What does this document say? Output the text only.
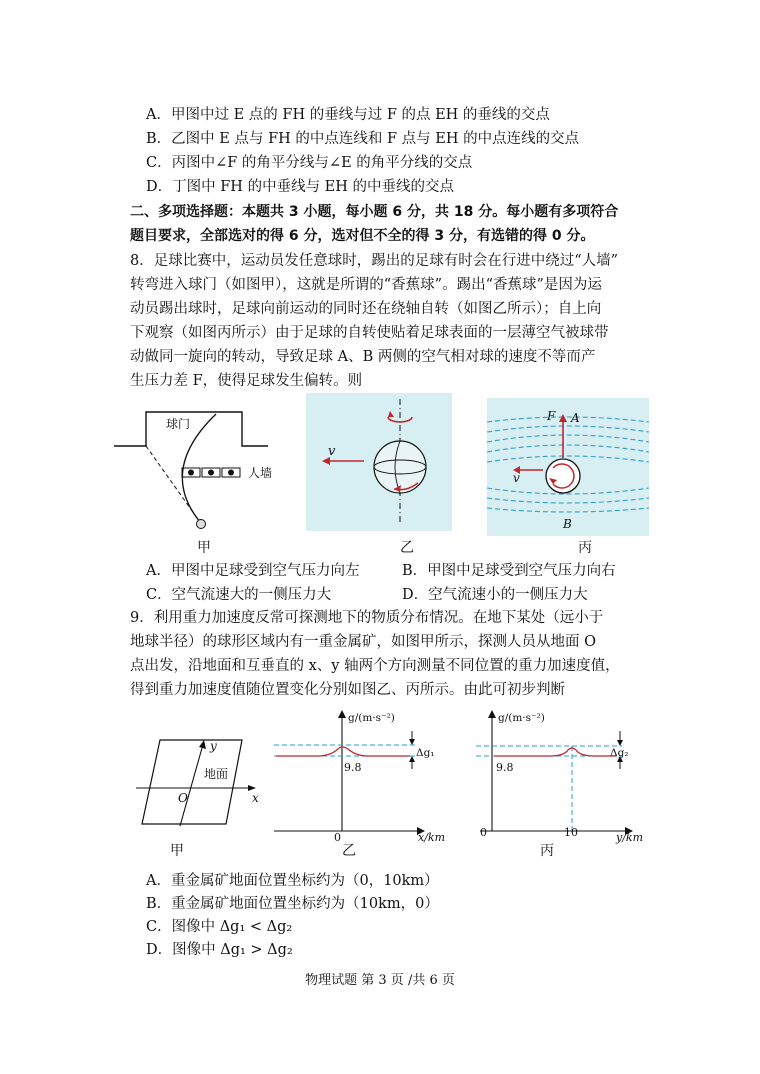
A．甲图中过 E 点的 FH 的垂线与过 F 的点 EH 的垂线的交点
B．乙图中 E 点与 FH 的中点连线和 F 点与 EH 的中点连线的交点
C．丙图中∠F 的角平分线与∠E 的角平分线的交点
D．丁图中 FH 的中垂线与 EH 的中垂线的交点
二、多项选择题：本题共 3 小题，每小题 6 分，共 18 分。每小题有多项符合
题目要求，全部选对的得 6 分，选对但不全的得 3 分，有选错的得 0 分。
8．足球比赛中，运动员发任意球时，踢出的足球有时会在行进中绕过“人墙”
转弯进入球门（如图甲），这就是所谓的“香蕉球”。踢出“香蕉球”是因为运
动员踢出球时，足球向前运动的同时还在绕轴自转（如图乙所示）；自上向
下观察（如图丙所示）由于足球的自转使贴着足球表面的一层薄空气被球带
动做同一旋向的转动，导致足球 A、B 两侧的空气相对球的速度不等而产
生压力差 F，使得足球发生偏转。则
球门
人墙
v
F A
v
B
甲	乙	丙
A．甲图中足球受到空气压力向左	B．甲图中足球受到空气压力向右
C．空气流速大的一侧压力大	D．空气流速小的一侧压力大
9．利用重力加速度反常可探测地下的物质分布情况。在地下某处（远小于
地球半径）的球形区域内有一重金属矿，如图甲所示，探测人员从地面 O
点出发，沿地面和互垂直的 x、y 轴两个方向测量不同位置的重力加速度值，
得到重力加速度值随位置变化分别如图乙、丙所示。由此可初步判断
y
x
O
地面
g/(m·s⁻²)
9.8
0	x/km
Δg₁
g/(m·s⁻²)
9.8
0	10	y/km
Δg₂
甲	乙	丙
A．重金属矿地面位置坐标约为（0，10km）
B．重金属矿地面位置坐标约为（10km，0）
C．图像中 Δg₁ < Δg₂
D．图像中 Δg₁ > Δg₂
物理试题 第 3 页 /共 6 页
